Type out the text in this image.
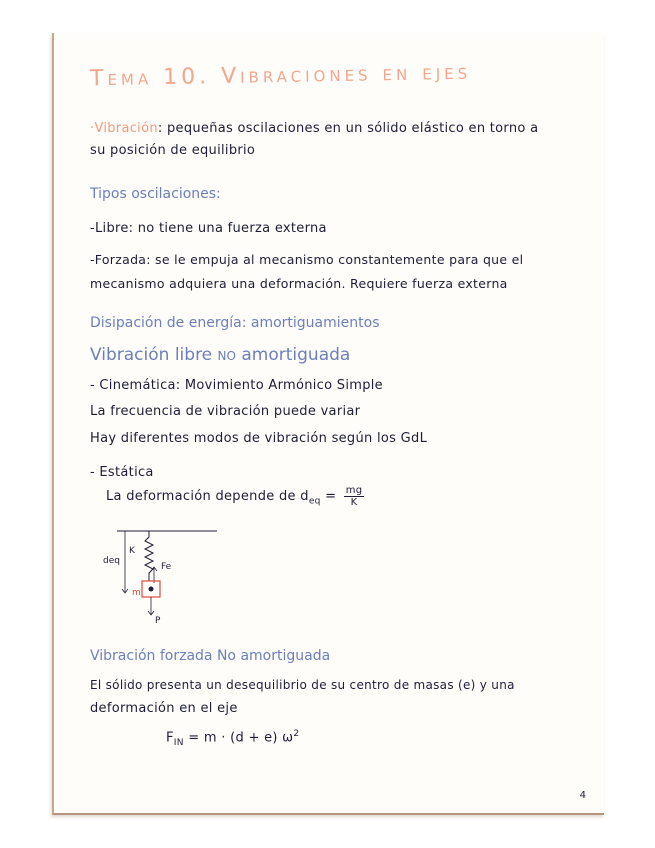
Tema 10. Vibraciones en ejes
·Vibración: pequeñas oscilaciones en un sólido elástico en torno a
su posición de equilibrio
Tipos oscilaciones:
-Libre: no tiene una fuerza externa
-Forzada: se le empuja al mecanismo constantemente para que el
mecanismo adquiera una deformación. Requiere fuerza externa
Disipación de energía: amortiguamientos
Vibración libre no amortiguada
- Cinemática: Movimiento Armónico Simple
La frecuencia de vibración puede variar
Hay diferentes modos de vibración según los GdL
- Estática
La deformación depende de $d_{eq} = \frac{mg}{K}$
deq
K
Fe
m
P
Vibración forzada No amortiguada
El sólido presenta un desequilibrio de su centro de masas (e) y una
deformación en el eje
$F_{IN} = m \cdot (d + e)$ $\omega^2$
4
